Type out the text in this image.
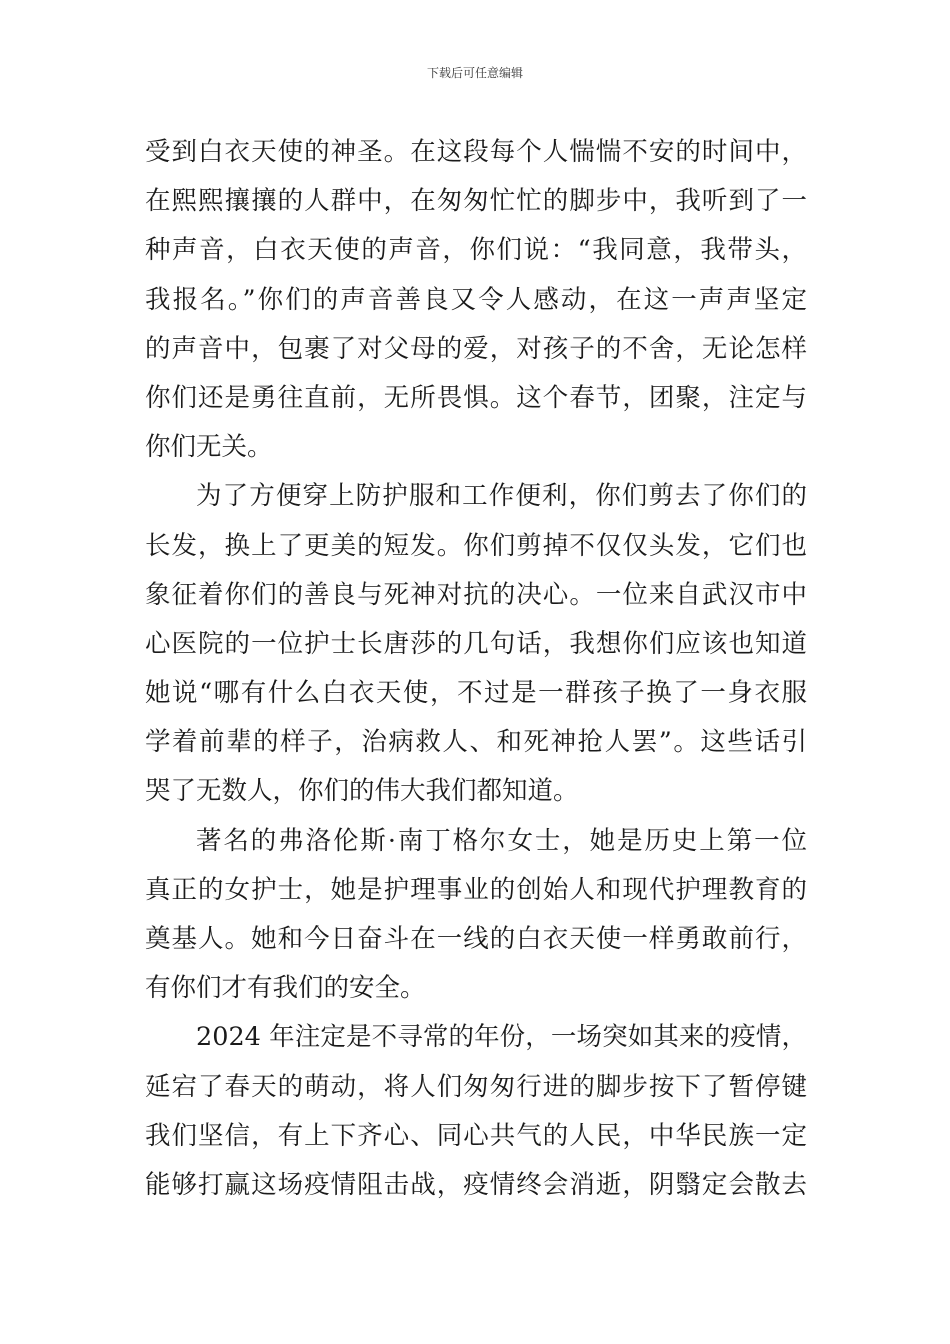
下载后可任意编辑
受到白衣天使的神圣。在这段每个人惴惴不安的时间中，
在熙熙攘攘的人群中，在匆匆忙忙的脚步中，我听到了一
种声音，白衣天使的声音，你们说：“我同意，我带头，
我报名。”你们的声音善良又令人感动，在这一声声坚定
的声音中，包裹了对父母的爱，对孩子的不舍，无论怎样
你们还是勇往直前，无所畏惧。这个春节，团聚，注定与
你们无关。
为了方便穿上防护服和工作便利，你们剪去了你们的
长发，换上了更美的短发。你们剪掉不仅仅头发，它们也
象征着你们的善良与死神对抗的决心。一位来自武汉市中
心医院的一位护士长唐莎的几句话，我想你们应该也知道
她说“哪有什么白衣天使，不过是一群孩子换了一身衣服
学着前辈的样子，治病救人、和死神抢人罢”。这些话引
哭了无数人，你们的伟大我们都知道。
著名的弗洛伦斯·南丁格尔女士，她是历史上第一位
真正的女护士，她是护理事业的创始人和现代护理教育的
奠基人。她和今日奋斗在一线的白衣天使一样勇敢前行，
有你们才有我们的安全。
2024 年注定是不寻常的年份，一场突如其来的疫情，
延宕了春天的萌动，将人们匆匆行进的脚步按下了暂停键
我们坚信，有上下齐心、同心共气的人民，中华民族一定
能够打赢这场疫情阻击战，疫情终会消逝，阴翳定会散去
